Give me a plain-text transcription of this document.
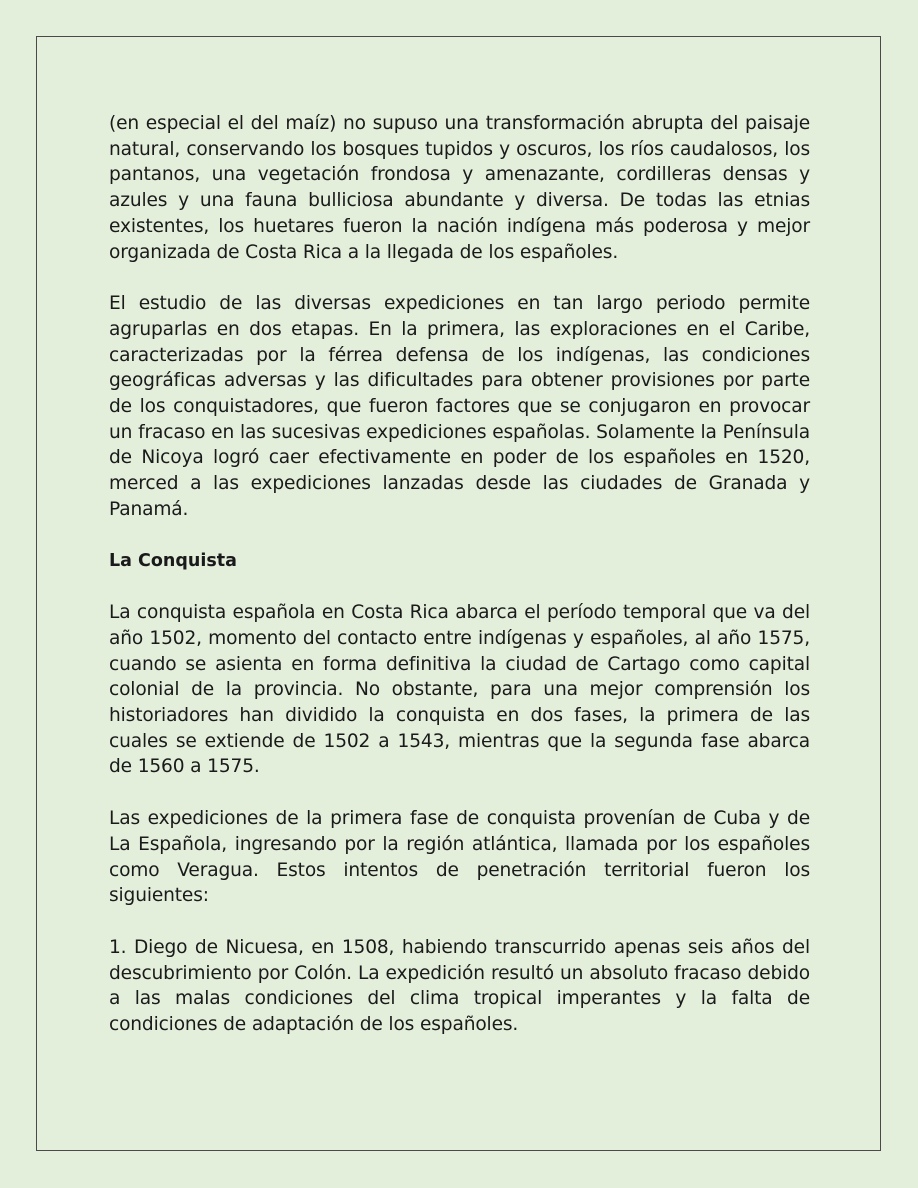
(en especial el del maíz) no supuso una transformación abrupta del paisaje natural, conservando los bosques tupidos y oscuros, los ríos caudalosos, los pantanos, una vegetación frondosa y amenazante, cordilleras densas y azules y una fauna bulliciosa abundante y diversa. De todas las etnias existentes, los huetares fueron la nación indígena más poderosa y mejor organizada de Costa Rica a la llegada de los españoles.

El estudio de las diversas expediciones en tan largo periodo permite agruparlas en dos etapas. En la primera, las exploraciones en el Caribe, caracterizadas por la férrea defensa de los indígenas, las condiciones geográficas adversas y las dificultades para obtener provisiones por parte de los conquistadores, que fueron factores que se conjugaron en provocar un fracaso en las sucesivas expediciones españolas. Solamente la Península de Nicoya logró caer efectivamente en poder de los españoles en 1520, merced a las expediciones lanzadas desde las ciudades de Granada y Panamá.

La Conquista

La conquista española en Costa Rica abarca el período temporal que va del año 1502, momento del contacto entre indígenas y españoles, al año 1575, cuando se asienta en forma definitiva la ciudad de Cartago como capital colonial de la provincia. No obstante, para una mejor comprensión los historiadores han dividido la conquista en dos fases, la primera de las cuales se extiende de 1502 a 1543, mientras que la segunda fase abarca de 1560 a 1575.

Las expediciones de la primera fase de conquista provenían de Cuba y de La Española, ingresando por la región atlántica, llamada por los españoles como Veragua. Estos intentos de penetración territorial fueron los siguientes:

1. Diego de Nicuesa, en 1508, habiendo transcurrido apenas seis años del descubrimiento por Colón. La expedición resultó un absoluto fracaso debido a las malas condiciones del clima tropical imperantes y la falta de condiciones de adaptación de los españoles.
